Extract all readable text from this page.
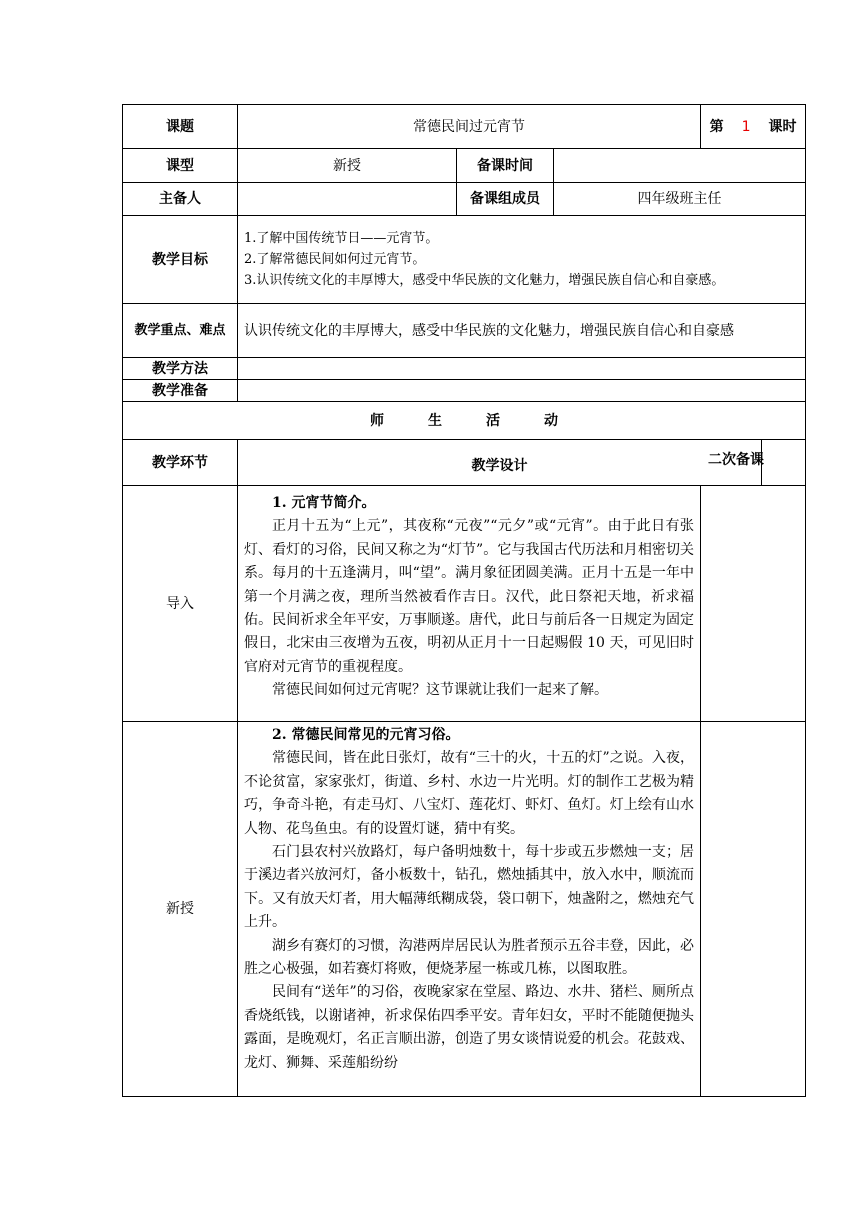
课题	常德民间过元宵节			第 1 课时	
课型	新授	备课时间			
主备人		备课组成员	四年级班主任		
教学目标	1.了解中国传统节日——元宵节。
2.了解常德民间如何过元宵节。
3.认识传统文化的丰厚博大，感受中华民族的文化魅力，增强民族自信心和自豪感。				

教学重点、难点	认识传统文化的丰厚博大，感受中华民族的文化魅力，增强民族自信心和自豪感				
教学方法					
教学准备					
师 生 活 动					
教学环节	教学设计				二次备课
导入	1. 元宵节简介。

正月十五为“上元”，其夜称“元夜”“元夕”或“元宵”。由于此日有张灯、看灯的习俗，民间又称之为“灯节”。它与我国古代历法和月相密切关系。每月的十五逢满月，叫“望”。满月象征团圆美满。正月十五是一年中第一个月满之夜，理所当然被看作吉日。汉代，此日祭祀天地，祈求福佑。民间祈求全年平安，万事顺遂。唐代，此日与前后各一日规定为固定假日，北宋由三夜增为五夜，明初从正月十一日起赐假 10 天，可见旧时官府对元宵节的重视程度。

常德民间如何过元宵呢？这节课就让我们一起来了解。				

新授	2. 常德民间常见的元宵习俗。

常德民间，皆在此日张灯，故有“三十的火，十五的灯”之说。入夜，不论贫富，家家张灯，街道、乡村、水边一片光明。灯的制作工艺极为精巧，争奇斗艳，有走马灯、八宝灯、莲花灯、虾灯、鱼灯。灯上绘有山水人物、花鸟鱼虫。有的设置灯谜，猜中有奖。

石门县农村兴放路灯，每户备明烛数十，每十步或五步燃烛一支；居于溪边者兴放河灯，备小板数十，钻孔，燃烛插其中，放入水中，顺流而下。又有放天灯者，用大幅薄纸糊成袋，袋口朝下，烛盏附之，燃烛充气上升。

湖乡有赛灯的习惯，沟港两岸居民认为胜者预示五谷丰登，因此，必胜之心极强，如若赛灯将败，便烧茅屋一栋或几栋，以图取胜。

民间有“送年”的习俗，夜晚家家在堂屋、路边、水井、猪栏、厕所点香烧纸钱，以谢诸神，祈求保佑四季平安。青年妇女，平时不能随便抛头露面，是晚观灯，名正言顺出游，创造了男女谈情说爱的机会。花鼓戏、龙灯、狮舞、采莲船纷纷				
